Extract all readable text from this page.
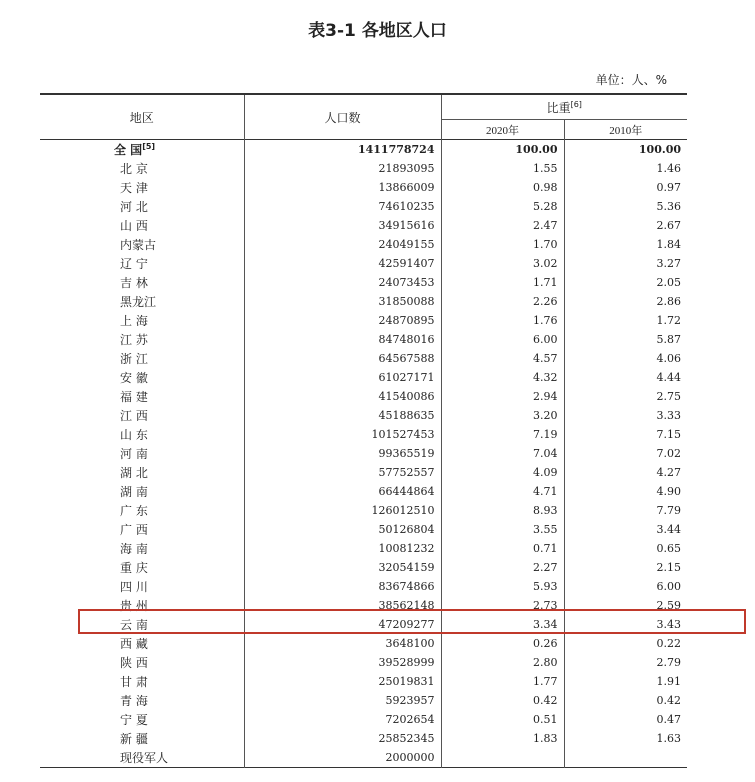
表3-1 各地区人口
单位：人、%
地区	人口数	比重[6]
		2020年	2010年
全 国[5]	1411778724	100.00	100.00
北 京	21893095	1.55	1.46
天 津	13866009	0.98	0.97
河 北	74610235	5.28	5.36
山 西	34915616	2.47	2.67
内蒙古	24049155	1.70	1.84
辽 宁	42591407	3.02	3.27
吉 林	24073453	1.71	2.05
黑龙江	31850088	2.26	2.86
上 海	24870895	1.76	1.72
江 苏	84748016	6.00	5.87
浙 江	64567588	4.57	4.06
安 徽	61027171	4.32	4.44
福 建	41540086	2.94	2.75
江 西	45188635	3.20	3.33
山 东	101527453	7.19	7.15
河 南	99365519	7.04	7.02
湖 北	57752557	4.09	4.27
湖 南	66444864	4.71	4.90
广 东	126012510	8.93	7.79
广 西	50126804	3.55	3.44
海 南	10081232	0.71	0.65
重 庆	32054159	2.27	2.15
四 川	83674866	5.93	6.00
贵 州	38562148	2.73	2.59
云 南	47209277	3.34	3.43
西 藏	3648100	0.26	0.22
陕 西	39528999	2.80	2.79
甘 肃	25019831	1.77	1.91
青 海	5923957	0.42	0.42
宁 夏	7202654	0.51	0.47
新 疆	25852345	1.83	1.63
现役军人	2000000		
